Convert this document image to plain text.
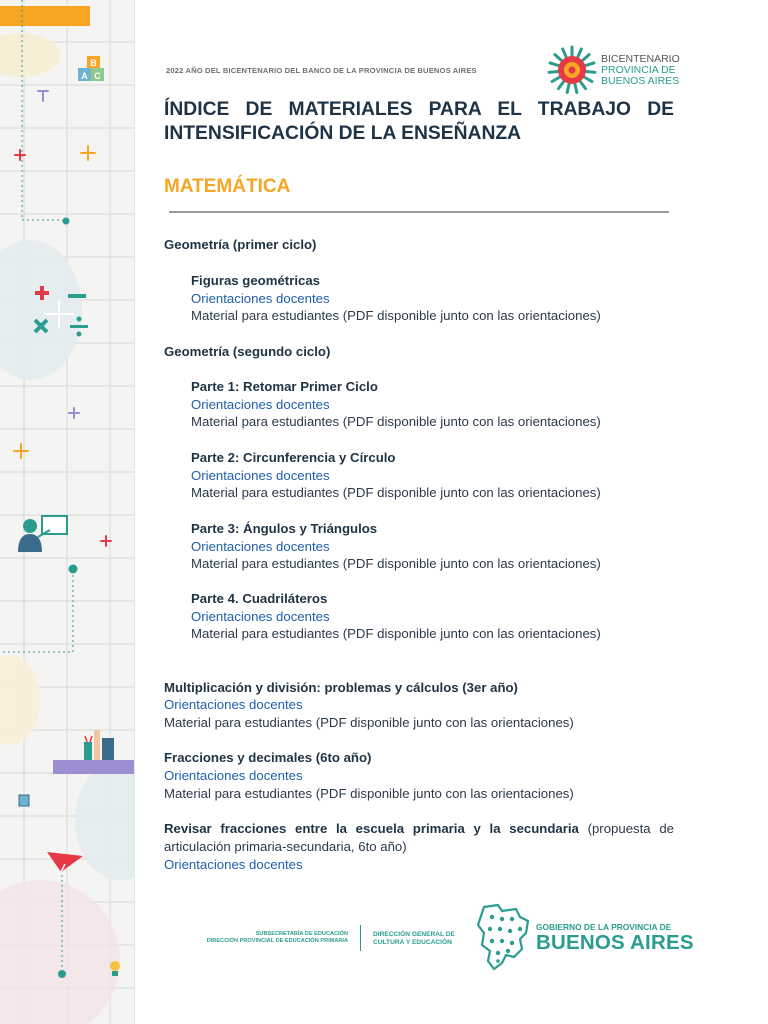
B
A C
2022 AÑO DEL BICENTENARIO DEL BANCO DE LA PROVINCIA DE BUENOS AIRES
BICENTENARIO
PROVINCIA DE
BUENOS AIRES
ÍNDICE DE MATERIALES PARA EL TRABAJO DE INTENSIFICACIÓN DE LA ENSEÑANZA
MATEMÁTICA
Geometría (primer ciclo)
Figuras geométricas
Orientaciones docentes
Material para estudiantes (PDF disponible junto con las orientaciones)
Geometría (segundo ciclo)
Parte 1: Retomar Primer Ciclo
Orientaciones docentes
Material para estudiantes (PDF disponible junto con las orientaciones)
Parte 2: Circunferencia y Círculo
Orientaciones docentes
Material para estudiantes (PDF disponible junto con las orientaciones)
Parte 3: Ángulos y Triángulos
Orientaciones docentes
Material para estudiantes (PDF disponible junto con las orientaciones)
Parte 4. Cuadriláteros
Orientaciones docentes
Material para estudiantes (PDF disponible junto con las orientaciones)
Multiplicación y división: problemas y cálculos (3er año)
Orientaciones docentes
Material para estudiantes (PDF disponible junto con las orientaciones)
Fracciones y decimales (6to año)
Orientaciones docentes
Material para estudiantes (PDF disponible junto con las orientaciones)

Revisar fracciones entre la escuela primaria y la secundaria (propuesta de articulación primaria-secundaria, 6to año)

Orientaciones docentes
SUBSECRETARÍA DE EDUCACIÓN
DIRECCIÓN PROVINCIAL DE EDUCACIÓN PRIMARIA
DIRECCIÓN GENERAL DE
CULTURA Y EDUCACIÓN
GOBIERNO DE LA PROVINCIA DE
BUENOS AIRES
